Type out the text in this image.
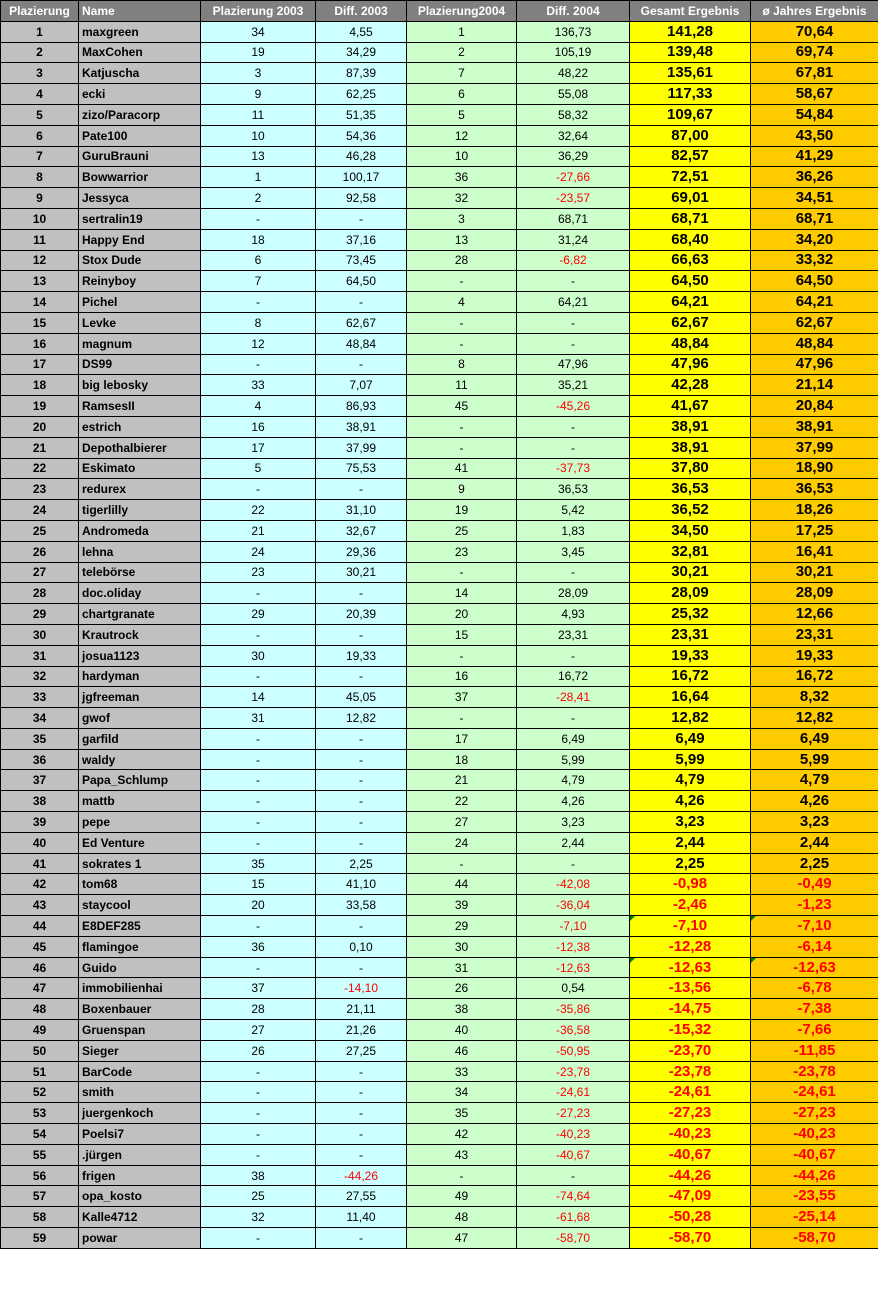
Plazierung	Name	Plazierung 2003	Diff. 2003	Plazierung2004	Diff. 2004	Gesamt Ergebnis	ø Jahres Ergebnis
1	maxgreen	34	4,55	1	136,73	141,28	70,64
2	MaxCohen	19	34,29	2	105,19	139,48	69,74
3	Katjuscha	3	87,39	7	48,22	135,61	67,81
4	ecki	9	62,25	6	55,08	117,33	58,67
5	zizo/Paracorp	11	51,35	5	58,32	109,67	54,84
6	Pate100	10	54,36	12	32,64	87,00	43,50
7	GuruBrauni	13	46,28	10	36,29	82,57	41,29
8	Bowwarrior	1	100,17	36	-27,66	72,51	36,26
9	Jessyca	2	92,58	32	-23,57	69,01	34,51
10	sertralin19	-	-	3	68,71	68,71	68,71
11	Happy End	18	37,16	13	31,24	68,40	34,20
12	Stox Dude	6	73,45	28	-6,82	66,63	33,32
13	Reinyboy	7	64,50	-	-	64,50	64,50
14	Pichel	-	-	4	64,21	64,21	64,21
15	Levke	8	62,67	-	-	62,67	62,67
16	magnum	12	48,84	-	-	48,84	48,84
17	DS99	-	-	8	47,96	47,96	47,96
18	big lebosky	33	7,07	11	35,21	42,28	21,14
19	RamsesII	4	86,93	45	-45,26	41,67	20,84
20	estrich	16	38,91	-	-	38,91	38,91
21	Depothalbierer	17	37,99	-	-	38,91	37,99
22	Eskimato	5	75,53	41	-37,73	37,80	18,90
23	redurex	-	-	9	36,53	36,53	36,53
24	tigerlilly	22	31,10	19	5,42	36,52	18,26
25	Andromeda	21	32,67	25	1,83	34,50	17,25
26	lehna	24	29,36	23	3,45	32,81	16,41
27	telebörse	23	30,21	-	-	30,21	30,21
28	doc.oliday	-	-	14	28,09	28,09	28,09
29	chartgranate	29	20,39	20	4,93	25,32	12,66
30	Krautrock	-	-	15	23,31	23,31	23,31
31	josua1123	30	19,33	-	-	19,33	19,33
32	hardyman	-	-	16	16,72	16,72	16,72
33	jgfreeman	14	45,05	37	-28,41	16,64	8,32
34	gwof	31	12,82	-	-	12,82	12,82
35	garfild	-	-	17	6,49	6,49	6,49
36	waldy	-	-	18	5,99	5,99	5,99
37	Papa_Schlump	-	-	21	4,79	4,79	4,79
38	mattb	-	-	22	4,26	4,26	4,26
39	pepe	-	-	27	3,23	3,23	3,23
40	Ed Venture	-	-	24	2,44	2,44	2,44
41	sokrates 1	35	2,25	-	-	2,25	2,25
42	tom68	15	41,10	44	-42,08	-0,98	-0,49
43	staycool	20	33,58	39	-36,04	-2,46	-1,23
44	E8DEF285	-	-	29	-7,10	-7,10	-7,10
45	flamingoe	36	0,10	30	-12,38	-12,28	-6,14
46	Guido	-	-	31	-12,63	-12,63	-12,63
47	immobilienhai	37	-14,10	26	0,54	-13,56	-6,78
48	Boxenbauer	28	21,11	38	-35,86	-14,75	-7,38
49	Gruenspan	27	21,26	40	-36,58	-15,32	-7,66
50	Sieger	26	27,25	46	-50,95	-23,70	-11,85
51	BarCode	-	-	33	-23,78	-23,78	-23,78
52	smith	-	-	34	-24,61	-24,61	-24,61
53	juergenkoch	-	-	35	-27,23	-27,23	-27,23
54	Poelsi7	-	-	42	-40,23	-40,23	-40,23
55	.jürgen	-	-	43	-40,67	-40,67	-40,67
56	frigen	38	-44,26	-	-	-44,26	-44,26
57	opa_kosto	25	27,55	49	-74,64	-47,09	-23,55
58	Kalle4712	32	11,40	48	-61,68	-50,28	-25,14
59	powar	-	-	47	-58,70	-58,70	-58,70
